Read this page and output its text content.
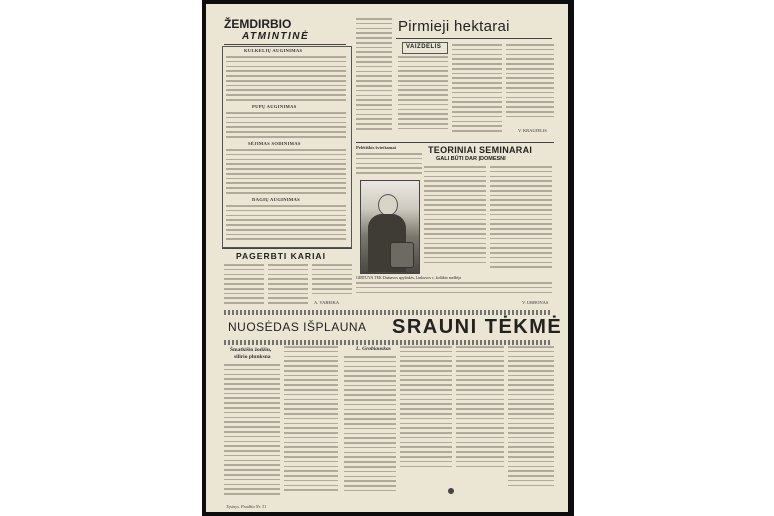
ŽEMDIRBIO
ATMINTINĖ
KULKELIŲ AUGINIMAS
PUPŲ AUGINIMAS
SĖJIMAS SODINIMAS
DAGIŲ AUGINIMAS
Pirmieji hektarai
VAIZDELIS
V. KRAUJELIS
Pelėtiškis šviečiamai
GIRTUVA TEK Dainavos apylinkės, Linkuvos r., kolūkio melžėja
TEORINIAI SEMINARAI
GALI BŪTI DAR ĮDOMESNI
A. VAREIKA	V. URBONAS
PAGERBTI KARIAI
NUOSĖDAS IŠPLAUNA SRAUNI TĖKMĖ
Šmatkišio žodžiu,
silirio plunksna
L. Grobiauskas
Tęsinys. Pradžia Nr. 31
